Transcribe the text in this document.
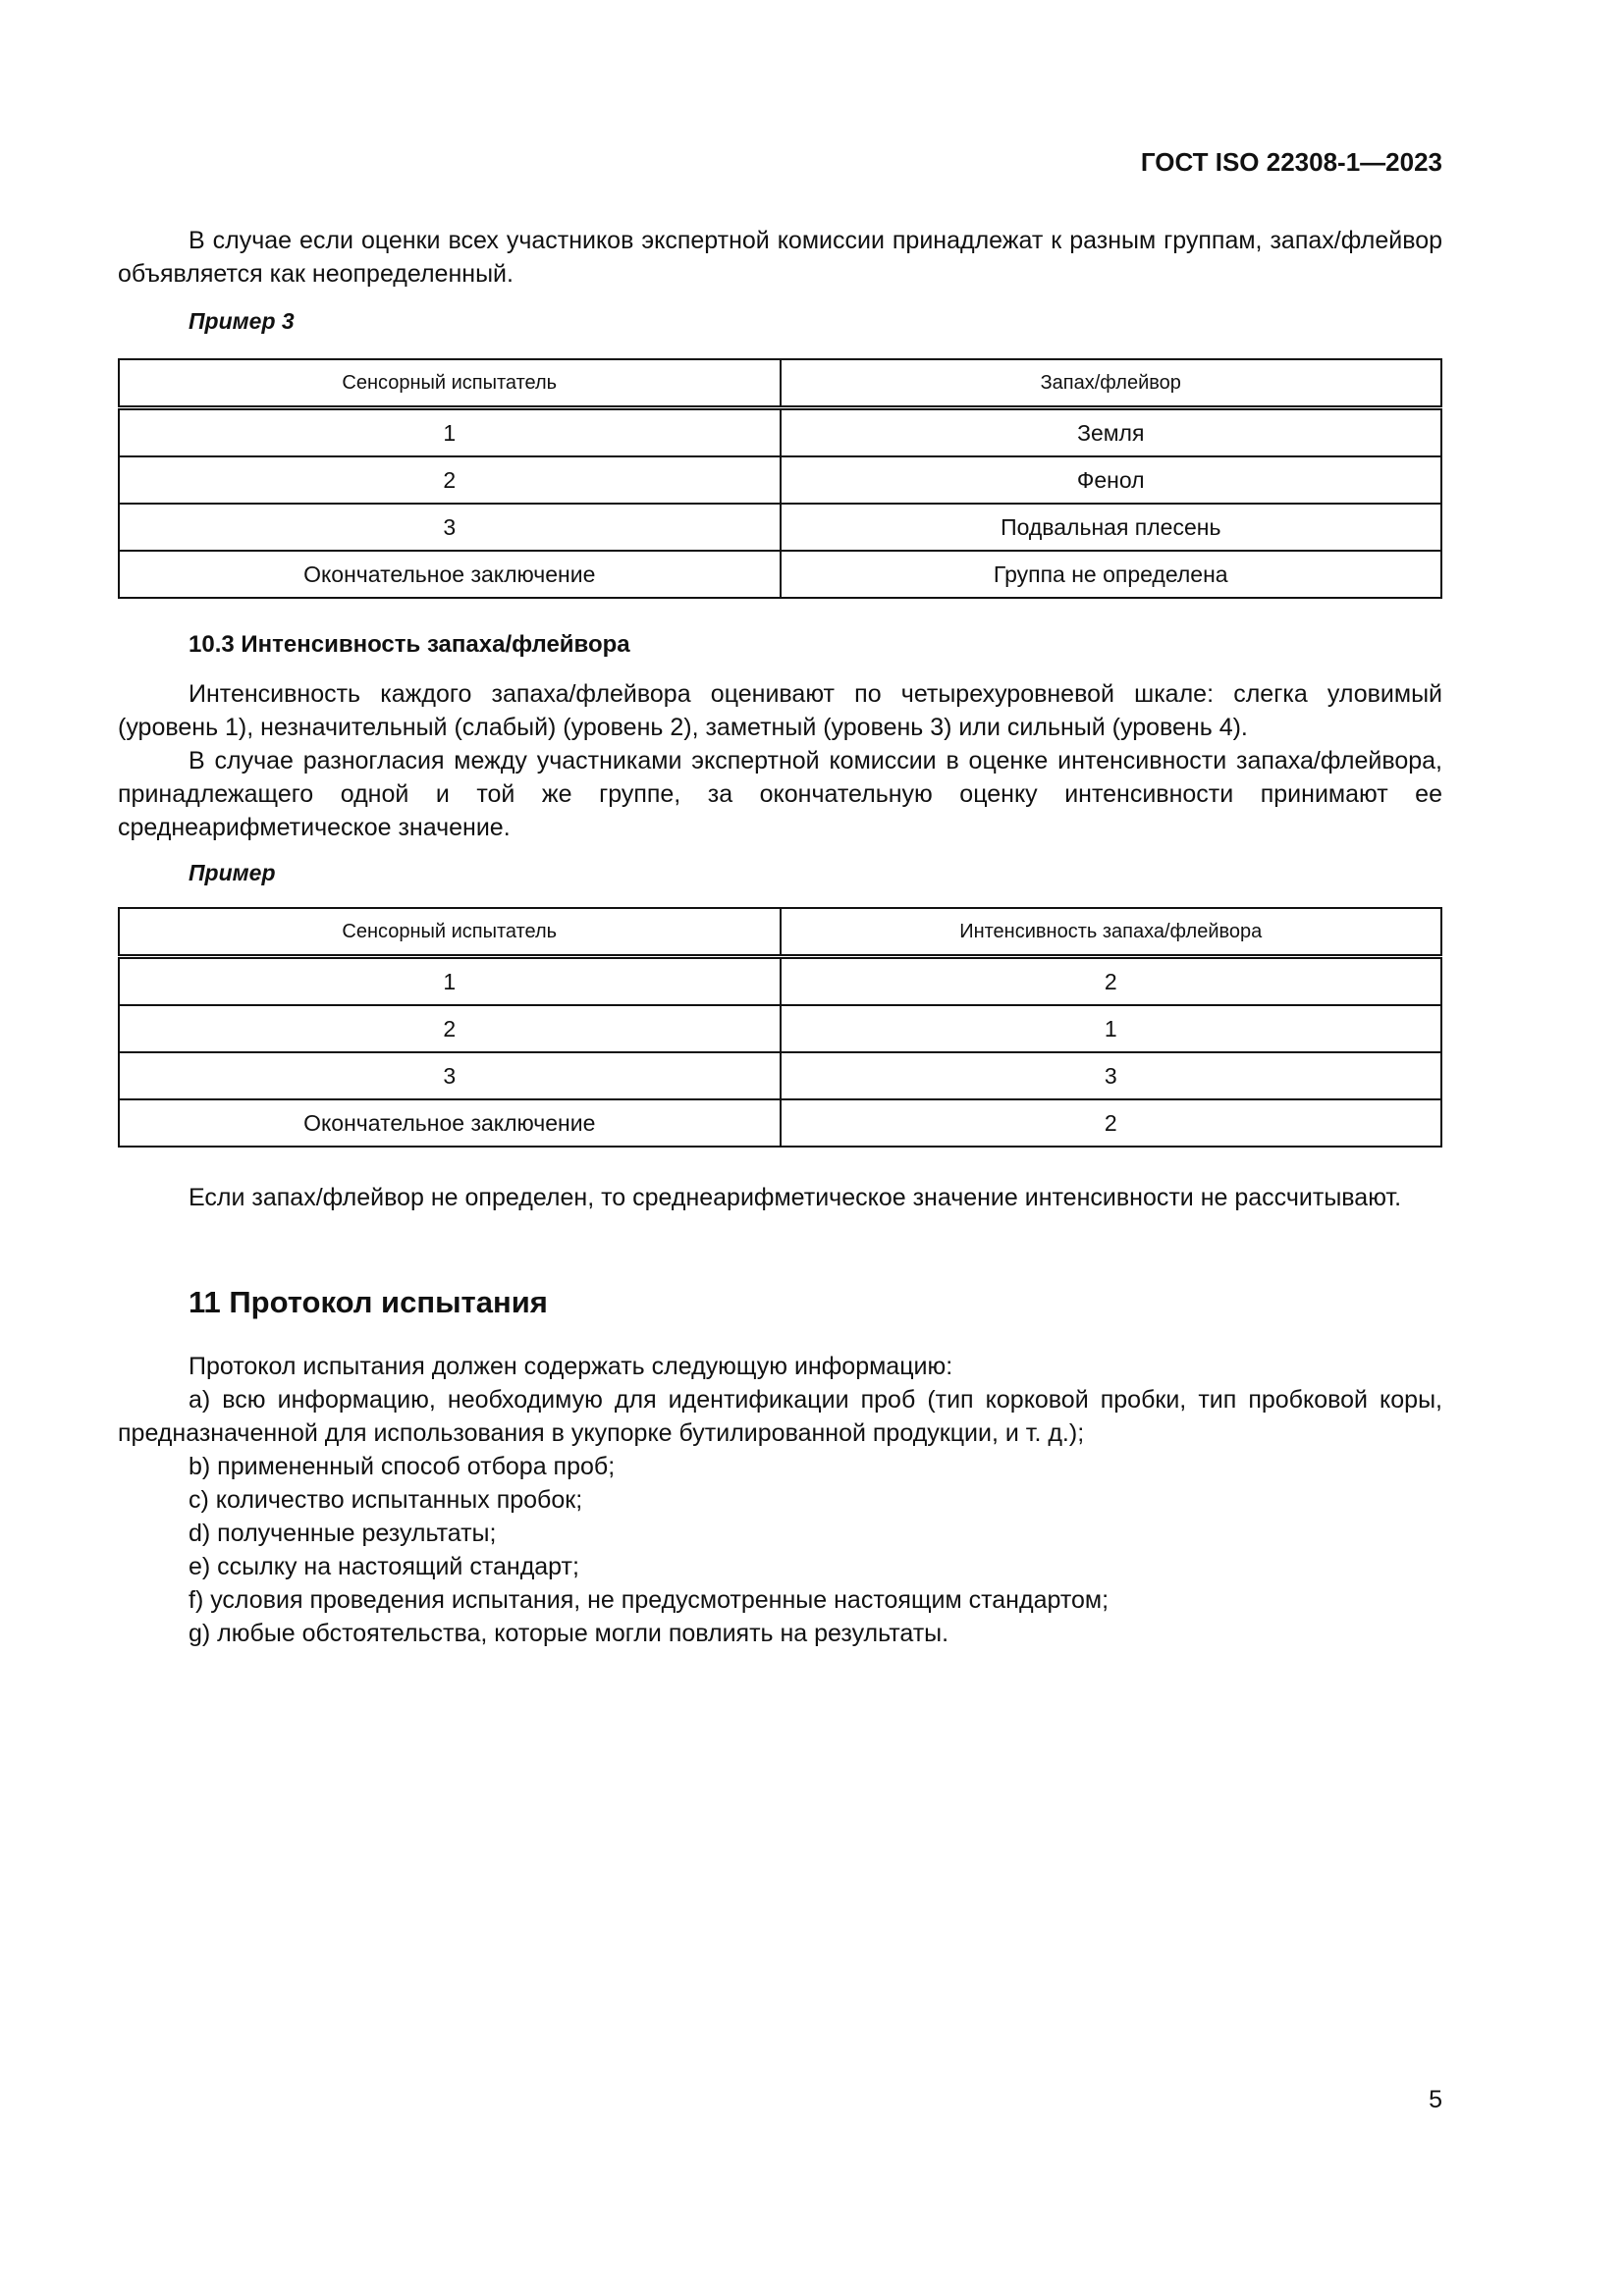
ГОСТ ISO 22308-1—2023
В случае если оценки всех участников экспертной комиссии принадлежат к разным группам, запах/флейвор объявляется как неопределенный.
Пример 3
Сенсорный испытатель	Запах/флейвор
1	Земля
2	Фенол
3	Подвальная плесень
Окончательное заключение	Группа не определена
10.3 Интенсивность запаха/флейвора
Интенсивность каждого запаха/флейвора оценивают по четырехуровневой шкале: слегка уловимый (уровень 1), незначительный (слабый) (уровень 2), заметный (уровень 3) или сильный (уровень 4).
В случае разногласия между участниками экспертной комиссии в оценке интенсивности запаха/флейвора, принадлежащего одной и той же группе, за окончательную оценку интенсивности принимают ее среднеарифметическое значение.
Пример
Сенсорный испытатель	Интенсивность запаха/флейвора
1	2
2	1
3	3
Окончательное заключение	2
Если запах/флейвор не определен, то среднеарифметическое значение интенсивности не рассчитывают.
11 Протокол испытания
Протокол испытания должен содержать следующую информацию:
a) всю информацию, необходимую для идентификации проб (тип корковой пробки, тип пробковой коры, предназначенной для использования в укупорке бутилированной продукции, и т. д.);
b) примененный способ отбора проб;
c) количество испытанных пробок;
d) полученные результаты;
e) ссылку на настоящий стандарт;
f) условия проведения испытания, не предусмотренные настоящим стандартом;
g) любые обстоятельства, которые могли повлиять на результаты.
5
